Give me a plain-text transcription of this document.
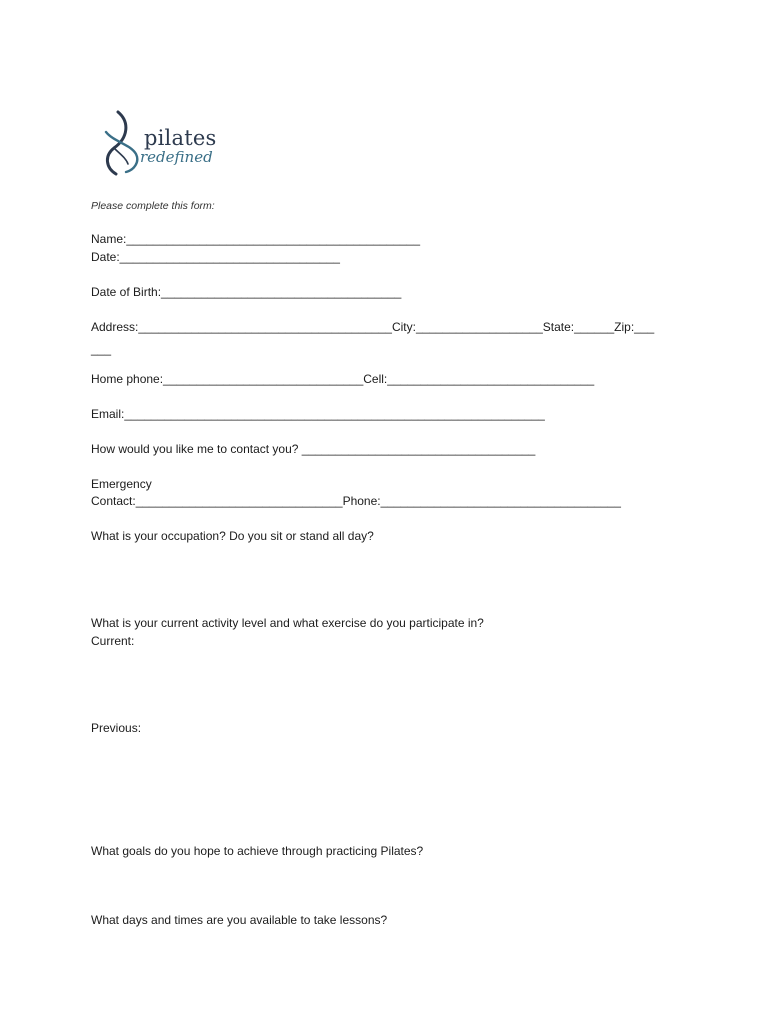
pilates
redefined
Please complete this form:
Name:____________________________________________
Date:_________________________________
Date of Birth:____________________________________
Address:______________________________________City:___________________State:______Zip:___
___
Home phone:______________________________Cell:_______________________________
Email:_______________________________________________________________
How would you like me to contact you? ___________________________________
Emergency
Contact:_______________________________Phone:____________________________________
What is your occupation? Do you sit or stand all day?
What is your current activity level and what exercise do you participate in?
Current:
Previous:
What goals do you hope to achieve through practicing Pilates?
What days and times are you available to take lessons?
